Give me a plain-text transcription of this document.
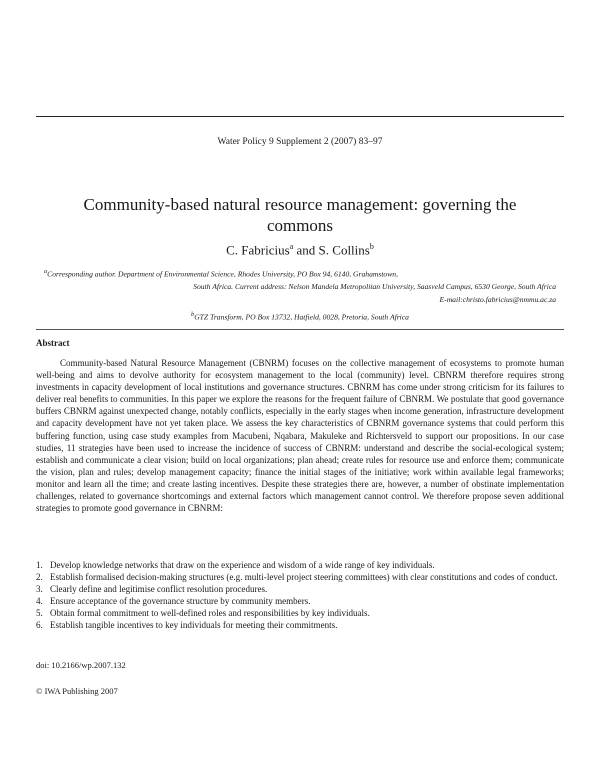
Water Policy 9 Supplement 2 (2007) 83–97
Community-based natural resource management: governing the commons
C. Fabricius$^a$ and S. Collins$^b$
$^a$Corresponding author. Department of Environmental Science, Rhodes University, PO Box 94, 6140, Grahamstown,
South Africa. Current address: Nelson Mandela Metropolitan University, Saasveld Campus, 6530 George, South Africa
E-mail:christo.fabricius@nmmu.ac.za
$^b$GTZ Transform, PO Box 13732, Hatfield, 0028, Pretoria, South Africa
Abstract

Community-based Natural Resource Management (CBNRM) focuses on the collective management of ecosystems to promote human well-being and aims to devolve authority for ecosystem management to the local (community) level. CBNRM therefore requires strong investments in capacity development of local institutions and governance structures. CBNRM has come under strong criticism for its failures to deliver real benefits to communities. In this paper we explore the reasons for the frequent failure of CBNRM. We postulate that good governance buffers CBNRM against unexpected change, notably conflicts, especially in the early stages when income generation, infrastructure development and capacity development have not yet taken place. We assess the key characteristics of CBNRM governance systems that could perform this buffering function, using case study examples from Macubeni, Nqabara, Makuleke and Richtersveld to support our propositions. In our case studies, 11 strategies have been used to increase the incidence of success of CBNRM: understand and describe the social-ecological system; establish and communicate a clear vision; build on local organizations; plan ahead; create rules for resource use and enforce them; communicate the vision, plan and rules; develop management capacity; finance the initial stages of the initiative; work within available legal frameworks; monitor and learn all the time; and create lasting incentives. Despite these strategies there are, however, a number of obstinate implementation challenges, related to governance shortcomings and external factors which management cannot control. We therefore propose seven additional strategies to promote good governance in CBNRM:

1. Develop knowledge networks that draw on the experience and wisdom of a wide range of key individuals.
2. Establish formalised decision-making structures (e.g. multi-level project steering committees) with clear constitutions and codes of conduct.
3. Clearly define and legitimise conflict resolution procedures.
4. Ensure acceptance of the governance structure by community members.
5. Obtain formal commitment to well-defined roles and responsibilities by key individuals.
6. Establish tangible incentives to key individuals for meeting their commitments.
doi: 10.2166/wp.2007.132
© IWA Publishing 2007
